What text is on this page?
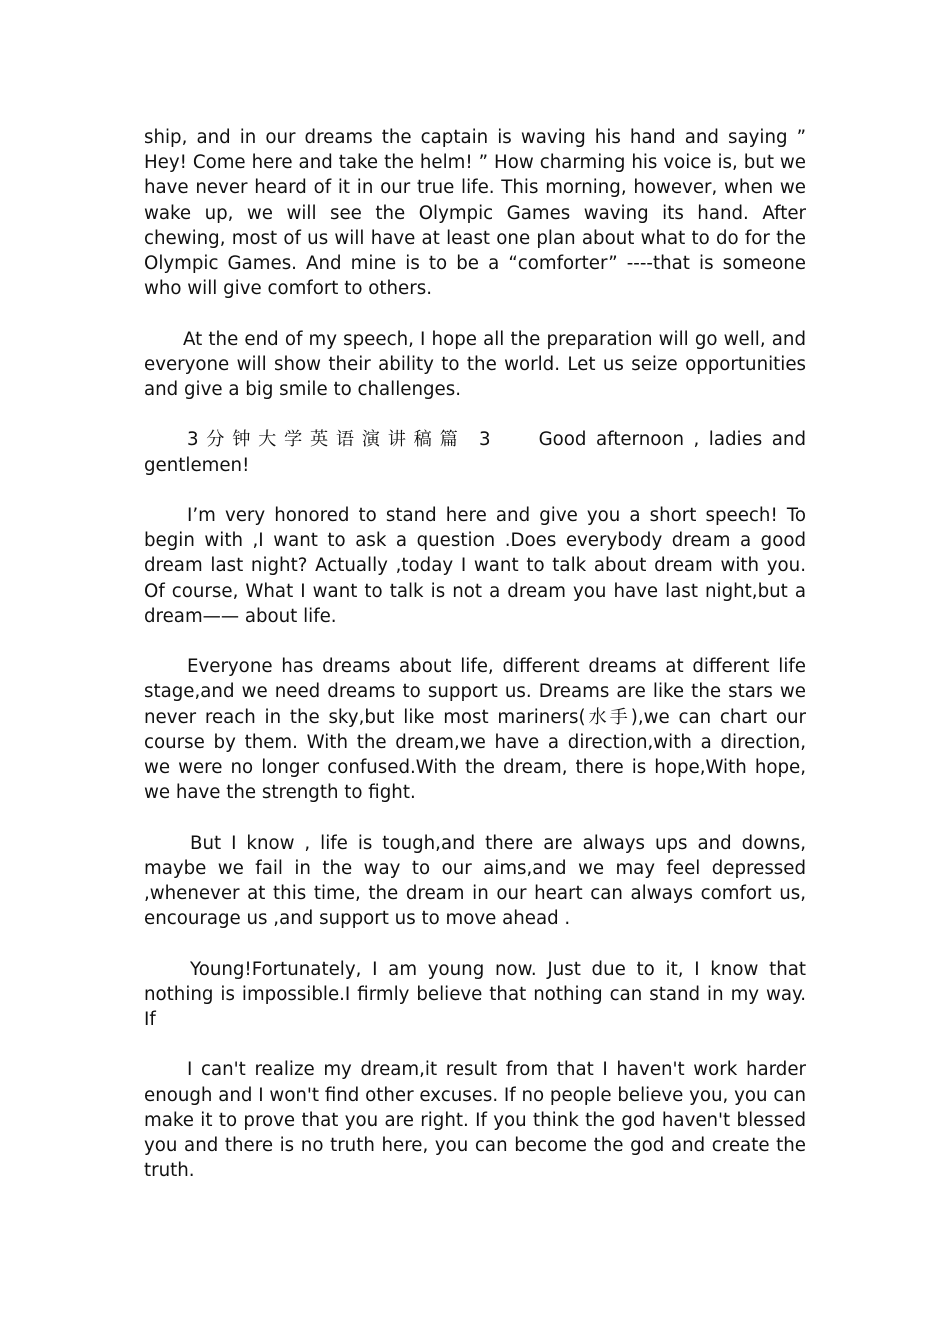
ship, and in our dreams the captain is waving his hand and saying ” Hey! Come here and take the helm! ” How charming his voice is, but we have never heard of it in our true life. This morning, however, when we wake up, we will see the Olympic Games waving its hand. After chewing, most of us will have at least one plan about what to do for the Olympic Games. And mine is to be a “comforter” ----that is someone who will give comfort to others.

At the end of my speech, I hope all the preparation will go well, and everyone will show their ability to the world. Let us seize opportunities and give a big smile to challenges.

3分钟大学英语演讲稿篇 3 Good afternoon , ladies and gentlemen!

I’m very honored to stand here and give you a short speech! To begin with ,I want to ask a question .Does everybody dream a good dream last night? Actually ,today I want to talk about dream with you. Of course, What I want to talk is not a dream you have last night,but a dream—— about life.

Everyone has dreams about life, different dreams at different life stage,and we need dreams to support us. Dreams are like the stars we never reach in the sky,but like most mariners(水手),we can chart our course by them. With the dream,we have a direction,with a direction, we were no longer confused.With the dream, there is hope,With hope, we have the strength to fight.

But I know , life is tough,and there are always ups and downs, maybe we fail in the way to our aims,and we may feel depressed ,whenever at this time, the dream in our heart can always comfort us, encourage us ,and support us to move ahead .

Young!Fortunately, I am young now. Just due to it, I know that nothing is impossible.I firmly believe that nothing can stand in my way. If

I can't realize my dream,it result from that I haven't work harder enough and I won't find other excuses. If no people believe you, you can make it to prove that you are right. If you think the god haven't blessed you and there is no truth here, you can become the god and create the truth.
